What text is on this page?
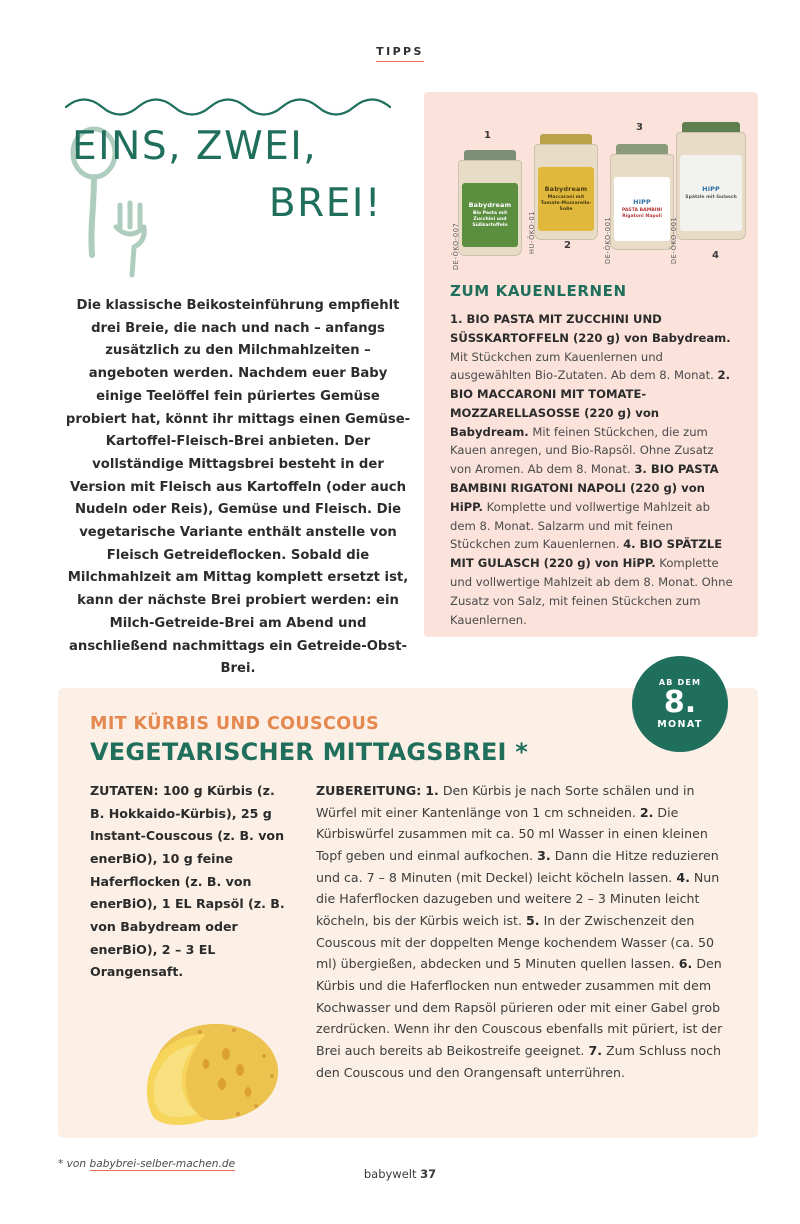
TIPPS
EINS, ZWEI,
BREI!
Die klassische Beikosteinführung empfiehlt drei Breie, die nach und nach – anfangs zusätzlich zu den Milchmahlzeiten – angeboten werden. Nachdem euer Baby einige Teelöffel fein püriertes Gemüse probiert hat, könnt ihr mittags einen Gemüse-Kartoffel-Fleisch-Brei anbieten. Der vollständige Mittagsbrei besteht in der Version mit Fleisch aus Kartoffeln (oder auch Nudeln oder Reis), Gemüse und Fleisch. Die vegetarische Variante enthält anstelle von Fleisch Getreideflocken. Sobald die Milchmahlzeit am Mittag komplett ersetzt ist, kann der nächste Brei probiert werden: ein Milch-Getreide-Brei am Abend und anschließend nachmittags ein Getreide-Obst-Brei.
Babydream
Bio Pasta mit Zucchini und Süßkartoffeln
1
DE-ÖKO-007
Babydream
Maccaroni mit Tomate-Mozzarella-Soße
2
HU-ÖKO-01
HiPP
PASTA BAMBINI Rigatoni Napoli
3
DE-ÖKO-001
HiPP
Spätzle mit Gulasch
4
DE-ÖKO-001
ZUM KAUENLERNEN
1. BIO PASTA MIT ZUCCHINI UND SÜSSKARTOFFELN (220 g) von Babydream. Mit Stückchen zum Kauenlernen und ausgewählten Bio-Zutaten. Ab dem 8. Monat. 2. BIO MACCARONI MIT TOMATE-MOZZARELLASOSSE (220 g) von Babydream. Mit feinen Stückchen, die zum Kauen anregen, und Bio-Rapsöl. Ohne Zusatz von Aromen. Ab dem 8. Monat. 3. BIO PASTA BAMBINI RIGATONI NAPOLI (220 g) von HiPP. Komplette und vollwertige Mahlzeit ab dem 8. Monat. Salzarm und mit feinen Stückchen zum Kauenlernen. 4. BIO SPÄTZLE MIT GULASCH (220 g) von HiPP. Komplette und vollwertige Mahlzeit ab dem 8. Monat. Ohne Zusatz von Salz, mit feinen Stückchen zum Kauenlernen.
AB DEM
8.
MONAT
MIT KÜRBIS UND COUSCOUS
VEGETARISCHER MITTAGSBREI *
ZUTATEN: 100 g Kürbis (z. B. Hokkaido-Kürbis), 25 g Instant-Couscous (z. B. von enerBiO), 10 g feine Haferflocken (z. B. von enerBiO), 1 EL Rapsöl (z. B. von Babydream oder enerBiO), 2 – 3 EL Orangensaft.
ZUBEREITUNG: 1. Den Kürbis je nach Sorte schälen und in Würfel mit einer Kantenlänge von 1 cm schneiden. 2. Die Kürbiswürfel zusammen mit ca. 50 ml Wasser in einen kleinen Topf geben und einmal aufkochen. 3. Dann die Hitze reduzieren und ca. 7 – 8 Minuten (mit Deckel) leicht köcheln lassen. 4. Nun die Haferflocken dazugeben und weitere 2 – 3 Minuten leicht köcheln, bis der Kürbis weich ist. 5. In der Zwischenzeit den Couscous mit der doppelten Menge kochendem Wasser (ca. 50 ml) übergießen, abdecken und 5 Minuten quellen lassen. 6. Den Kürbis und die Haferflocken nun entweder zusammen mit dem Kochwasser und dem Rapsöl pürieren oder mit einer Gabel grob zerdrücken. Wenn ihr den Couscous ebenfalls mit püriert, ist der Brei auch bereits ab Beikostreife geeignet. 7. Zum Schluss noch den Couscous und den Orangensaft unterrühren.
* von babybrei-selber-machen.de
babywelt 37
